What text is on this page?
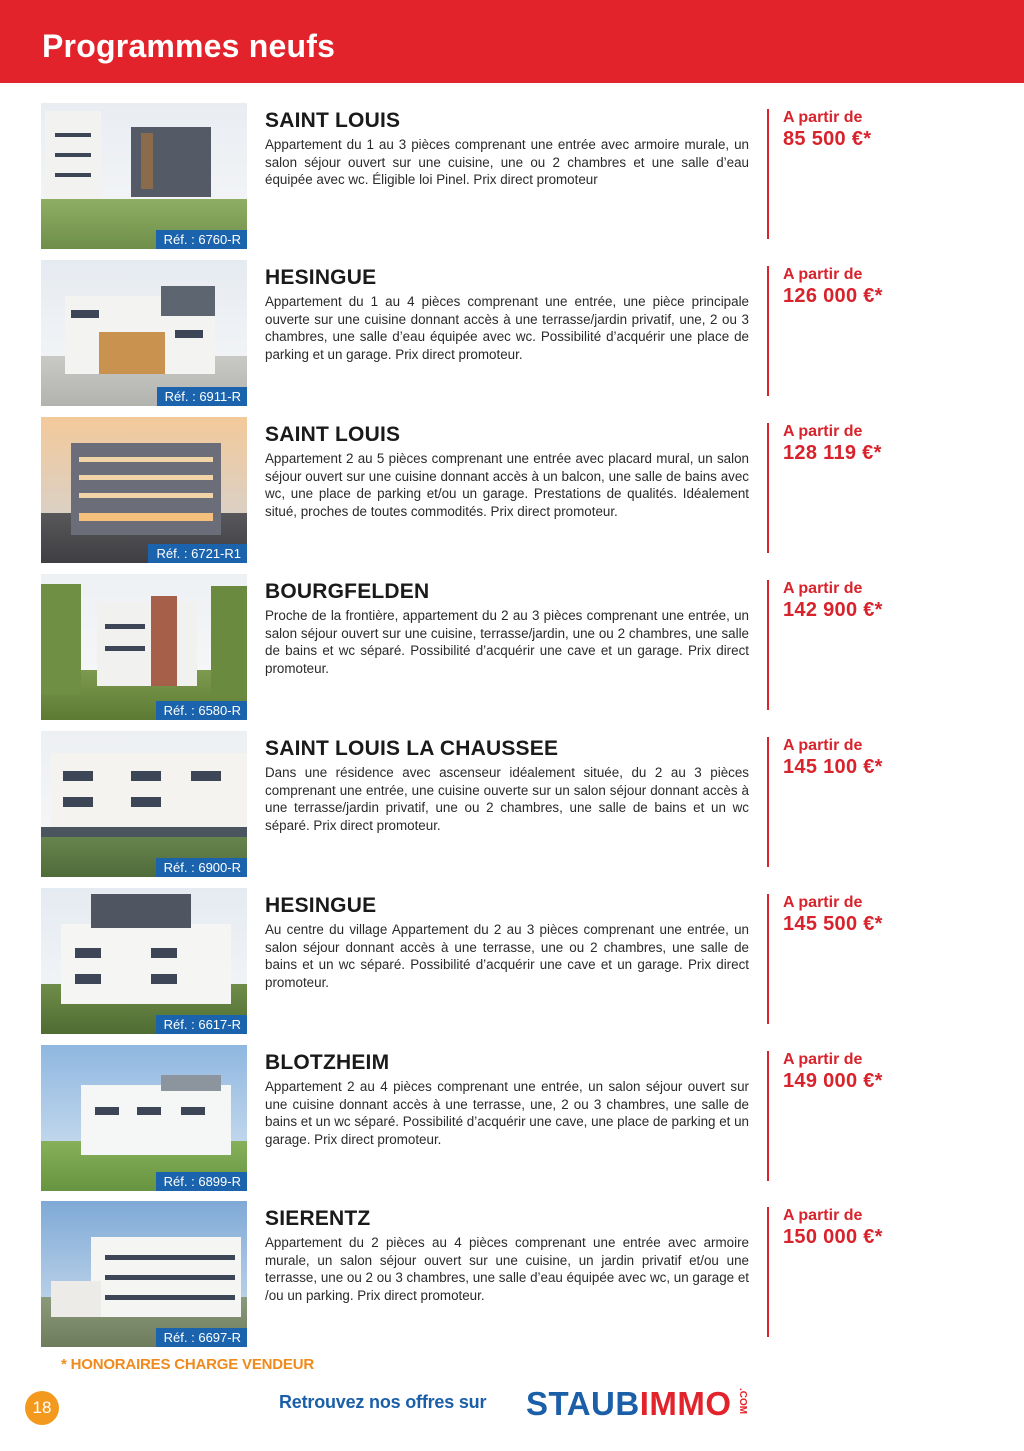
Programmes neufs
Réf. : 6760-R
SAINT LOUIS
Appartement du 1 au 3 pièces comprenant une entrée avec armoire murale, un salon séjour ouvert sur une cuisine, une ou 2 chambres et une salle d’eau équipée avec wc. Éligible loi Pinel. Prix direct promoteur
A partir de
85 500 €*
Réf. : 6911-R
HESINGUE
Appartement du 1 au 4 pièces comprenant une entrée, une pièce principale ouverte sur une cuisine donnant accès à une terrasse/jardin privatif, une, 2 ou 3 chambres, une salle d’eau équipée avec wc. Possibilité d’acquérir une place de parking et un garage. Prix direct promoteur.
A partir de
126 000 €*
Réf. : 6721-R1
SAINT LOUIS
Appartement 2 au 5 pièces comprenant une entrée avec placard mural, un salon séjour ouvert sur une cuisine donnant accès à un balcon, une salle de bains avec wc, une place de parking et/ou un garage. Prestations de qualités. Idéalement situé, proches de toutes commodités. Prix direct promoteur.
A partir de
128 119 €*
Réf. : 6580-R
BOURGFELDEN
Proche de la frontière, appartement du 2 au 3 pièces comprenant une entrée, un salon séjour ouvert sur une cuisine, terrasse/jardin, une ou 2 chambres, une salle de bains et wc séparé. Possibilité d’acquérir une cave et un garage. Prix direct promoteur.
A partir de
142 900 €*
Réf. : 6900-R
SAINT LOUIS LA CHAUSSEE
Dans une résidence avec ascenseur idéalement située, du 2 au 3 pièces comprenant une entrée, une cuisine ouverte sur un salon séjour donnant accès à une terrasse/jardin privatif, une ou 2 chambres, une salle de bains et un wc séparé. Prix direct promoteur.
A partir de
145 100 €*
Réf. : 6617-R
HESINGUE
Au centre du village Appartement du 2 au 3 pièces comprenant une entrée, un salon séjour donnant accès à une terrasse, une ou 2 chambres, une salle de bains et un wc séparé. Possibilité d’acquérir une cave et un garage. Prix direct promoteur.
A partir de
145 500 €*
Réf. : 6899-R
BLOTZHEIM
Appartement 2 au 4 pièces comprenant une entrée, un salon séjour ouvert sur une cuisine donnant accès à une terrasse, une, 2 ou 3 chambres, une salle de bains et un wc séparé. Possibilité d’acquérir une cave, une place de parking et un garage. Prix direct promoteur.
A partir de
149 000 €*
Réf. : 6697-R
SIERENTZ
Appartement du 2 pièces au 4 pièces comprenant une entrée avec armoire murale, un salon séjour ouvert sur une cuisine, un jardin privatif et/ou une terrasse, une ou 2 ou 3 chambres, une salle d’eau équipée avec wc, un garage et /ou un parking. Prix direct promoteur.
A partir de
150 000 €*
* HONORAIRES CHARGE VENDEUR
18	Retrouvez nos offres sur STAUBIMMO .COM
